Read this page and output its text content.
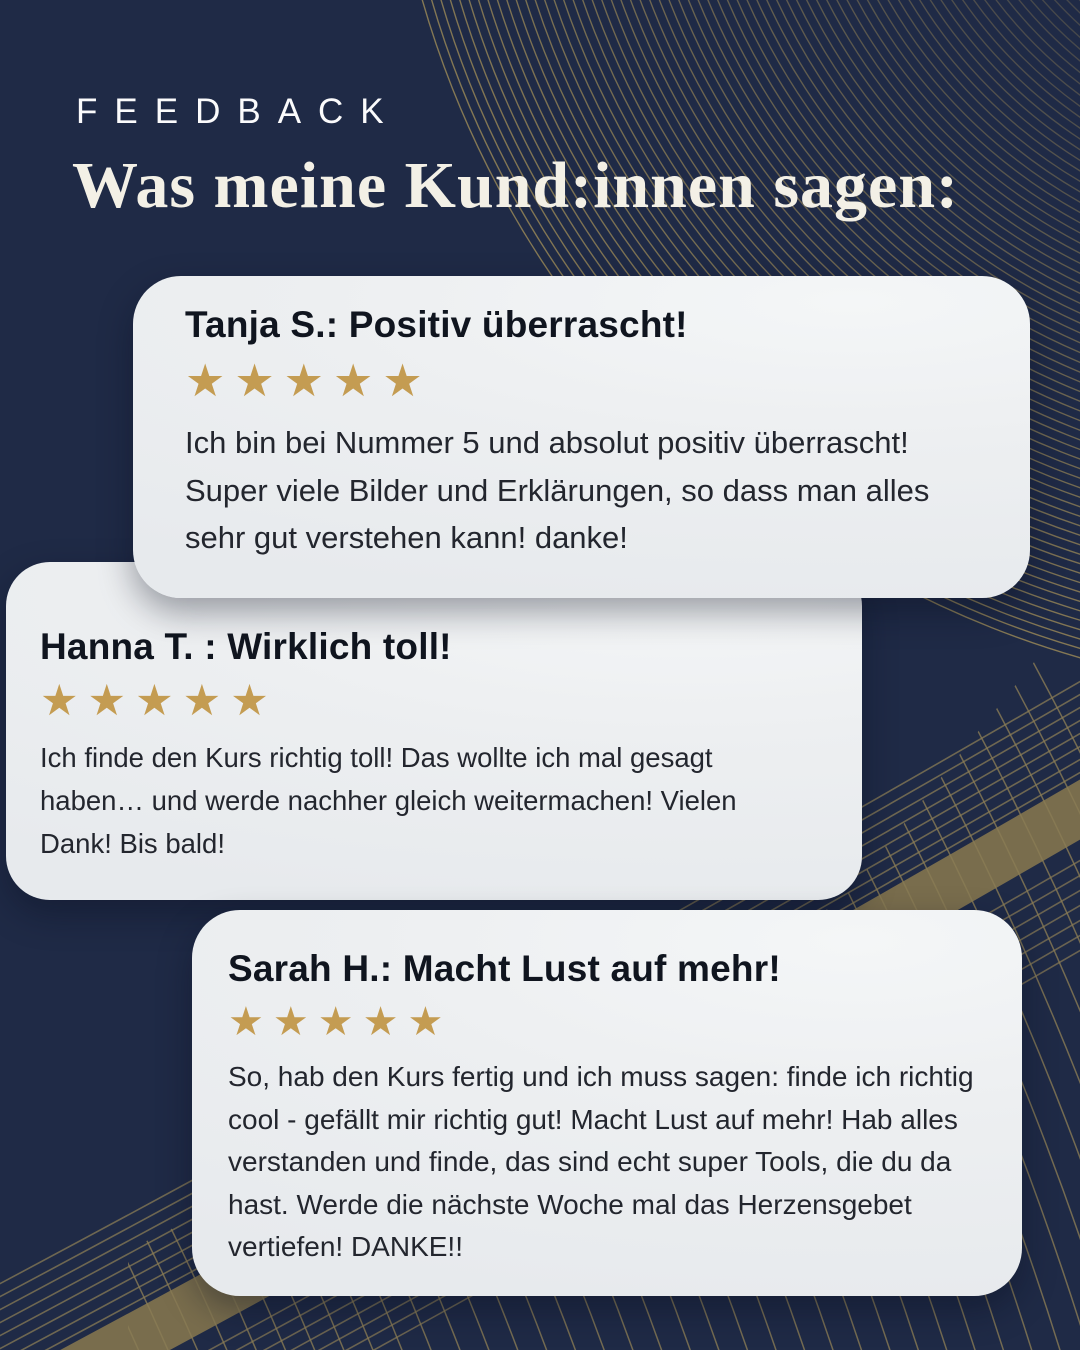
FEEDBACK
Was meine Kund:innen sagen:
Tanja S.: Positiv überrascht!
★★★★★

Ich bin bei Nummer 5 und absolut positiv überrascht! Super viele Bilder und Erklärungen, so dass man alles sehr gut verstehen kann! danke!

Hanna T. : Wirklich toll!
★★★★★

Ich finde den Kurs richtig toll! Das wollte ich mal gesagt haben… und werde nachher gleich weitermachen! Vielen Dank! Bis bald!

Sarah H.: Macht Lust auf mehr!
★★★★★

So, hab den Kurs fertig und ich muss sagen: finde ich richtig cool - gefällt mir richtig gut! Macht Lust auf mehr! Hab alles verstanden und finde, das sind echt super Tools, die du da hast. Werde die nächste Woche mal das Herzensgebet vertiefen! DANKE!!
